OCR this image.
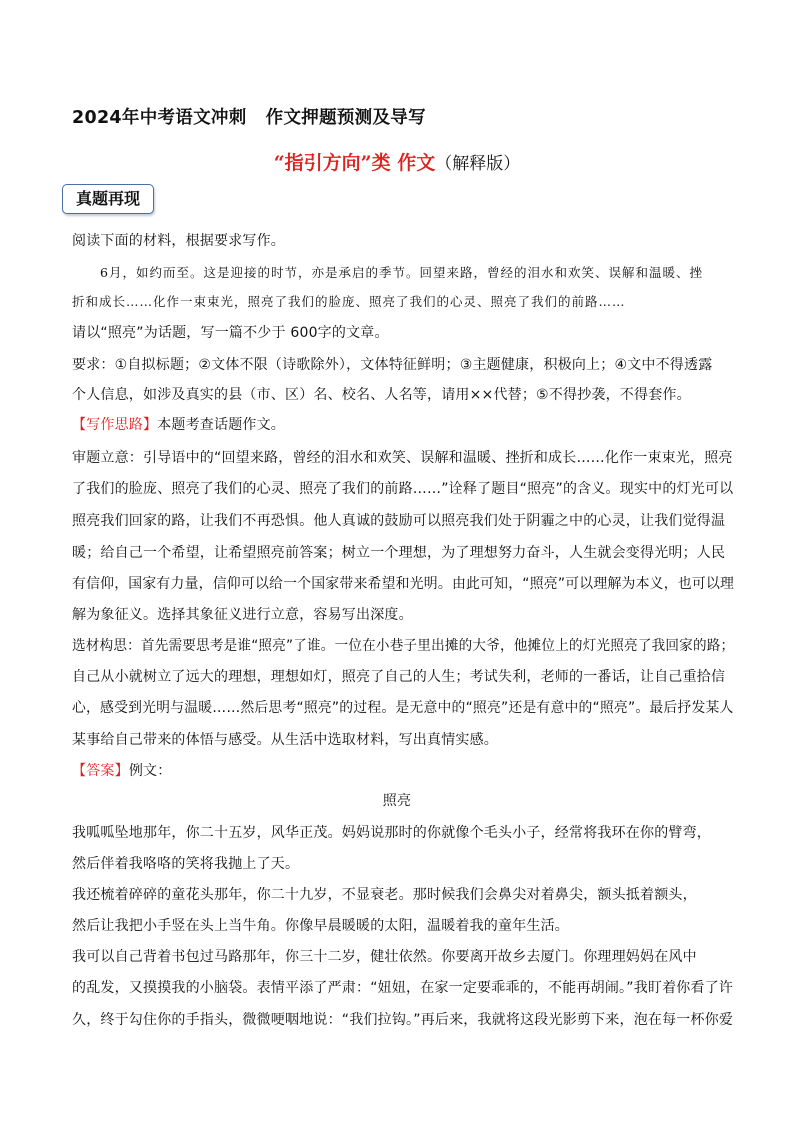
2024年中考语文冲刺   作文押题预测及导写
“指引方向”类 作文（解释版）
真题再现
阅读下面的材料，根据要求写作。
6月，如约而至。这是迎接的时节，亦是承启的季节。回望来路，曾经的泪水和欢笑、误解和温暖、挫
折和成长……化作一束束光，照亮了我们的脸庞、照亮了我们的心灵、照亮了我们的前路……
请以“照亮”为话题，写一篇不少于 600字的文章。
要求：①自拟标题；②文体不限（诗歌除外），文体特征鲜明；③主题健康，积极向上；④文中不得透露
个人信息，如涉及真实的县（市、区）名、校名、人名等，请用××代替；⑤不得抄袭，不得套作。
【写作思路】本题考查话题作文。
审题立意：引导语中的“回望来路，曾经的泪水和欢笑、误解和温暖、挫折和成长……化作一束束光，照亮
了我们的脸庞、照亮了我们的心灵、照亮了我们的前路……”诠释了题目“照亮”的含义。现实中的灯光可以
照亮我们回家的路，让我们不再恐惧。他人真诚的鼓励可以照亮我们处于阴霾之中的心灵，让我们觉得温
暖；给自己一个希望，让希望照亮前答案；树立一个理想，为了理想努力奋斗，人生就会变得光明；人民
有信仰，国家有力量，信仰可以给一个国家带来希望和光明。由此可知，“照亮”可以理解为本义，也可以理
解为象征义。选择其象征义进行立意，容易写出深度。
选材构思：首先需要思考是谁“照亮”了谁。一位在小巷子里出摊的大爷，他摊位上的灯光照亮了我回家的路；
自己从小就树立了远大的理想，理想如灯，照亮了自己的人生；考试失利，老师的一番话，让自己重拾信
心，感受到光明与温暖……然后思考“照亮”的过程。是无意中的“照亮”还是有意中的“照亮”。最后抒发某人
某事给自己带来的体悟与感受。从生活中选取材料，写出真情实感。
【答案】例文：
照亮
我呱呱坠地那年，你二十五岁，风华正茂。妈妈说那时的你就像个毛头小子，经常将我环在你的臂弯，
然后伴着我咯咯的笑将我抛上了天。
我还梳着碎碎的童花头那年，你二十九岁，不显衰老。那时候我们会鼻尖对着鼻尖，额头抵着额头，
然后让我把小手竖在头上当牛角。你像早晨暖暖的太阳，温暖着我的童年生活。
我可以自己背着书包过马路那年，你三十二岁，健壮依然。你要离开故乡去厦门。你理理妈妈在风中
的乱发，又摸摸我的小脑袋。表情平添了严肃：“妞妞，在家一定要乖乖的，不能再胡闹。”我盯着你看了许
久，终于勾住你的手指头，微微哽咽地说：“我们拉钩。”再后来，我就将这段光影剪下来，泡在每一杯你爱
